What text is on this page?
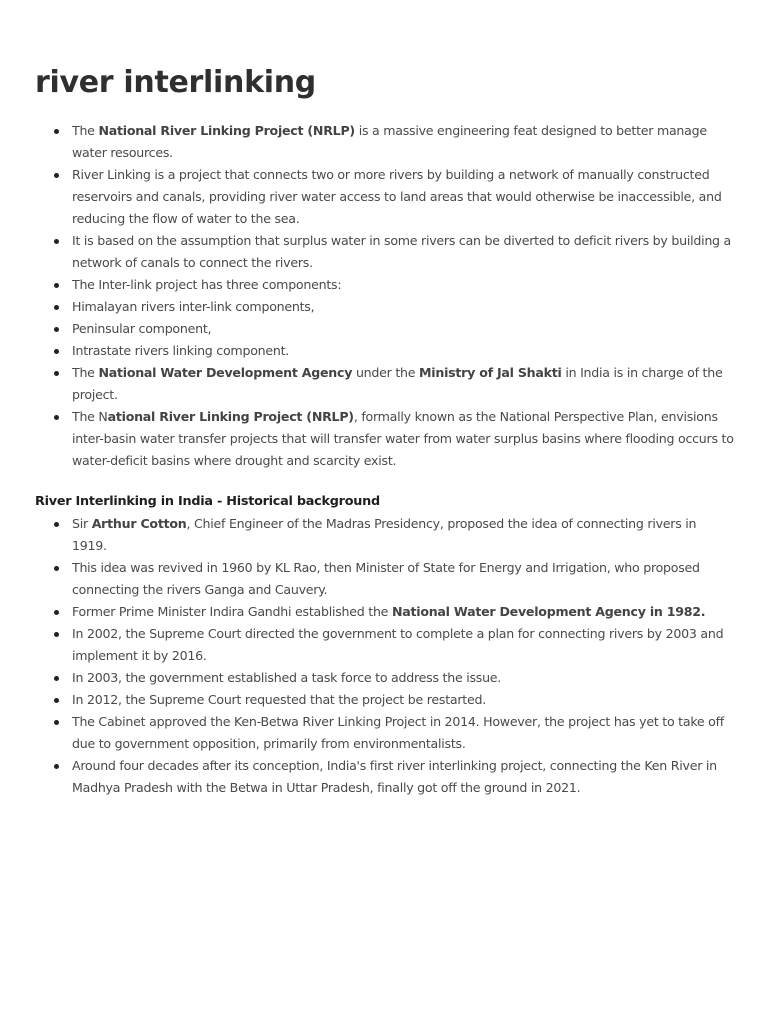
river interlinking
The National River Linking Project (NRLP) is a massive engineering feat designed to better manage water resources.
River Linking is a project that connects two or more rivers by building a network of manually constructed reservoirs and canals, providing river water access to land areas that would otherwise be inaccessible, and reducing the flow of water to the sea.
It is based on the assumption that surplus water in some rivers can be diverted to deficit rivers by building a network of canals to connect the rivers.
The Inter-link project has three components:
Himalayan rivers inter-link components,
Peninsular component,
Intrastate rivers linking component.
The National Water Development Agency under the Ministry of Jal Shakti in India is in charge of the project.
The National River Linking Project (NRLP), formally known as the National Perspective Plan, envisions inter-basin water transfer projects that will transfer water from water surplus basins where flooding occurs to water-deficit basins where drought and scarcity exist.
River Interlinking in India - Historical background
Sir Arthur Cotton, Chief Engineer of the Madras Presidency, proposed the idea of connecting rivers in 1919.
This idea was revived in 1960 by KL Rao, then Minister of State for Energy and Irrigation, who proposed connecting the rivers Ganga and Cauvery.
Former Prime Minister Indira Gandhi established the National Water Development Agency in 1982.
In 2002, the Supreme Court directed the government to complete a plan for connecting rivers by 2003 and implement it by 2016.
In 2003, the government established a task force to address the issue.
In 2012, the Supreme Court requested that the project be restarted.
The Cabinet approved the Ken-Betwa River Linking Project in 2014. However, the project has yet to take off due to government opposition, primarily from environmentalists.
Around four decades after its conception, India's first river interlinking project, connecting the Ken River in Madhya Pradesh with the Betwa in Uttar Pradesh, finally got off the ground in 2021.
